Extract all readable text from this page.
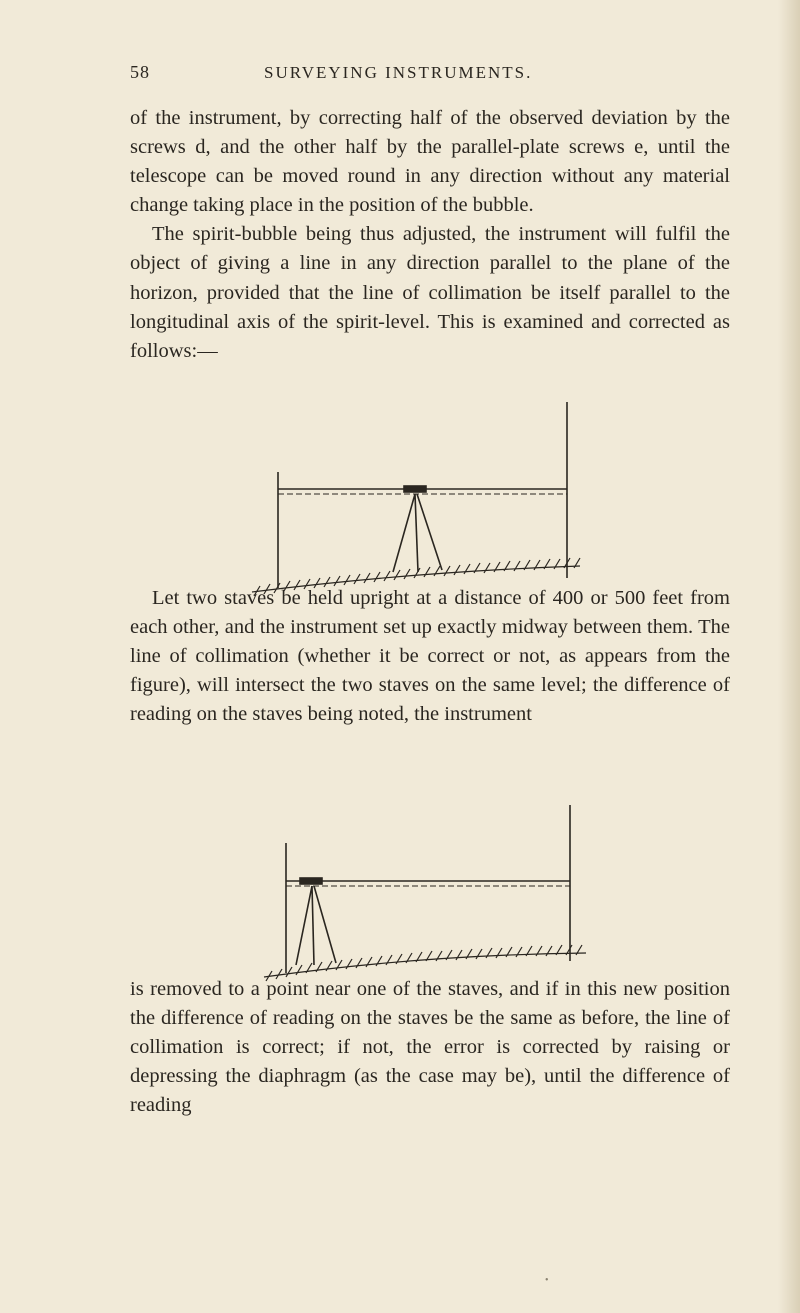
58	SURVEYING INSTRUMENTS.

of the instrument, by correcting half of the observed deviation by the screws d, and the other half by the parallel-plate screws e, until the telescope can be moved round in any direction without any material change taking place in the position of the bubble.

The spirit-bubble being thus adjusted, the instrument will fulfil the object of giving a line in any direction parallel to the plane of the horizon, provided that the line of collimation be itself parallel to the longitudinal axis of the spirit-level. This is examined and corrected as follows:—

Let two staves be held upright at a distance of 400 or 500 feet from each other, and the instrument set up exactly midway between them. The line of collimation (whether it be correct or not, as appears from the figure), will intersect the two staves on the same level; the difference of reading on the staves being noted, the instrument

is removed to a point near one of the staves, and if in this new position the difference of reading on the staves be the same as before, the line of collimation is correct; if not, the error is corrected by raising or depressing the diaphragm (as the case may be), until the difference of reading

•
